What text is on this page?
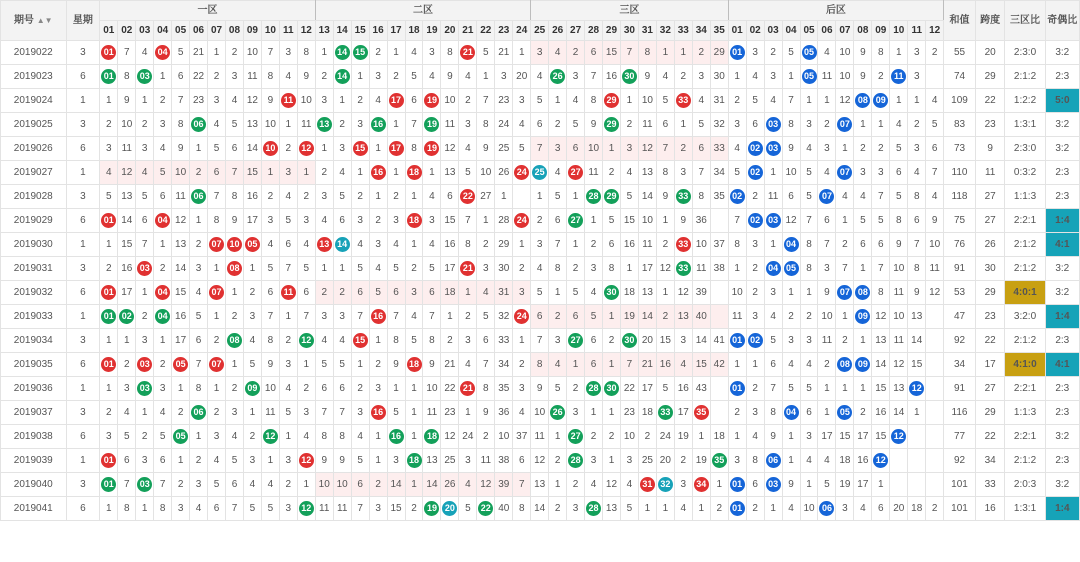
期号 ▲▼	星期	一区												二区												三区											后区												和值	跨度	三区比	奇偶比
		01	02	03	04	05	06	07	08	09	10	11	12	13	14	15	16	17	18	19	20	21	22	23	24	25	26	27	28	29	30	31	32	33	34	35	01	02	03	04	05	06	07	08	09	10	11	12				
2019022	3	01	7	4	04	5	21	1	2	10	7	3	8	1	14	15	2	1	4	3	8	21	5	21	1	3	4	2	6	15	7	8	1	1	2	29	01	3	2	5	05	4	10	9	8	1	3	2	55	20	2:3:0	3:2
2019023	6	01	8	03	1	6	22	2	3	11	8	4	9	2	14	1	3	2	5	4	9	4	1	3	20	4	26	3	7	16	30	9	4	2	3	30	1	4	3	1	05	11	10	9	2	11	3		74	29	2:1:2	2:3
2019024	1	1	9	1	2	7	23	3	4	12	9	11	10	3	1	2	4	17	6	19	10	2	7	23	3	5	1	4	8	29	1	10	5	33	4	31	2	5	4	7	1	1	12	08	09	1	1	4	109	22	1:2:2	5:0
2019025	3	2	10	2	3	8	06	4	5	13	10	1	11	13	2	3	16	1	7	19	11	3	8	24	4	6	2	5	9	29	2	11	6	1	5	32	3	6	03	8	3	2	07	1	1	4	2	5	83	23	1:3:1	3:2
2019026	6	3	11	3	4	9	1	5	6	14	10	2	12	1	3	15	1	17	8	19	12	4	9	25	5	7	3	6	10	1	3	12	7	2	6	33	4	02	03	9	4	3	1	2	2	5	3	6	73	9	2:3:0	3:2
2019027	1	4	12	4	5	10	2	6	7	15	1	3	1	2	4	1	16	1	18	1	13	5	10	26	24	25	4	27	11	2	4	13	8	3	7	34	5	02	1	10	5	4	07	3	3	6	4	7	110	11	0:3:2	2:3
2019028	3	5	13	5	6	11	06	7	8	16	2	4	2	3	5	2	1	2	1	4	6	22	27	1		1	5	1	28	29	5	14	9	33	8	35	02	2	11	6	5	07	4	4	7	5	8	4	118	27	1:1:3	2:3
2019029	6	01	14	6	04	12	1	8	9	17	3	5	3	4	6	3	2	3	18	3	15	7	1	28	24	2	6	27	1	5	15	10	1	9	36		7	02	03	12	7	6	1	5	5	8	6	9	75	27	2:2:1	1:4
2019030	1	1	15	7	1	13	2	07	10	05	4	6	4	13	14	4	3	4	1	4	16	8	2	29	1	3	7	1	2	6	16	11	2	33	10	37	8	3	1	04	8	7	2	6	6	9	7	10	76	26	2:1:2	4:1
2019031	3	2	16	03	2	14	3	1	08	1	5	7	5	1	1	5	4	5	2	5	17	21	3	30	2	4	8	2	3	8	1	17	12	33	11	38	1	2	04	05	8	3	7	1	7	10	8	11	91	30	2:1:2	3:2
2019032	6	01	17	1	04	15	4	07	1	2	6	11	6	2	2	6	5	6	3	6	18	1	4	31	3	5	1	5	4	30	18	13	1	12	39		10	2	3	1	1	9	07	08	8	11	9	12	53	29	4:0:1	3:2
2019033	1	01	02	2	04	16	5	1	2	3	7	1	7	3	3	7	16	7	4	7	1	2	5	32	24	6	2	6	5	1	19	14	2	13	40		11	3	4	2	2	10	1	09	12	10	13		47	23	3:2:0	1:4
2019034	3	1	1	3	1	17	6	2	08	4	8	2	12	4	4	15	1	8	5	8	2	3	6	33	1	7	3	27	6	2	30	20	15	3	14	41	01	02	5	3	3	11	2	1	13	11	14		92	22	2:1:2	2:3
2019035	6	01	2	03	2	05	7	07	1	5	9	3	1	5	5	1	2	9	18	9	21	4	7	34	2	8	4	1	6	1	7	21	16	4	15	42	1	1	6	4	4	2	08	09	14	12	15		34	17	4:1:0	4:1
2019036	1	1	3	03	3	1	8	1	2	09	10	4	2	6	6	2	3	1	1	10	22	21	8	35	3	9	5	2	28	30	22	17	5	16	43		01	2	7	5	5	1	1	1	15	13	12		91	27	2:2:1	2:3
2019037	3	2	4	1	4	2	06	2	3	1	11	5	3	7	7	3	16	5	1	11	23	1	9	36	4	10	26	3	1	1	23	18	33	17	35		2	3	8	04	6	1	05	2	16	14	1		116	29	1:1:3	2:3
2019038	6	3	5	2	5	05	1	3	4	2	12	1	4	8	8	4	1	16	1	18	12	24	2	10	37	11	1	27	2	2	10	2	24	19	1	18	1	4	9	1	3	17	15	17	15	12			77	22	2:2:1	3:2
2019039	1	01	6	3	6	1	2	4	5	3	1	3	12	9	9	5	1	3	18	13	25	3	11	38	6	12	2	28	3	1	3	25	20	2	19	35	3	8	06	1	4	4	18	16	12				92	34	2:1:2	2:3
2019040	3	01	7	03	7	2	3	5	6	4	4	2	1	10	10	6	2	14	1	14	26	4	12	39	7	13	1	2	4	12	4	31	32	3	34	1	01	6	03	9	1	5	19	17	1				101	33	2:0:3	3:2
2019041	6	1	8	1	8	3	4	6	7	5	5	3	12	11	11	7	3	15	2	19	20	5	22	40	8	14	2	3	28	13	5	1	1	4	1	2	01	2	1	4	10	06	3	4	6	20	18	2	101	16	1:3:1	1:4
